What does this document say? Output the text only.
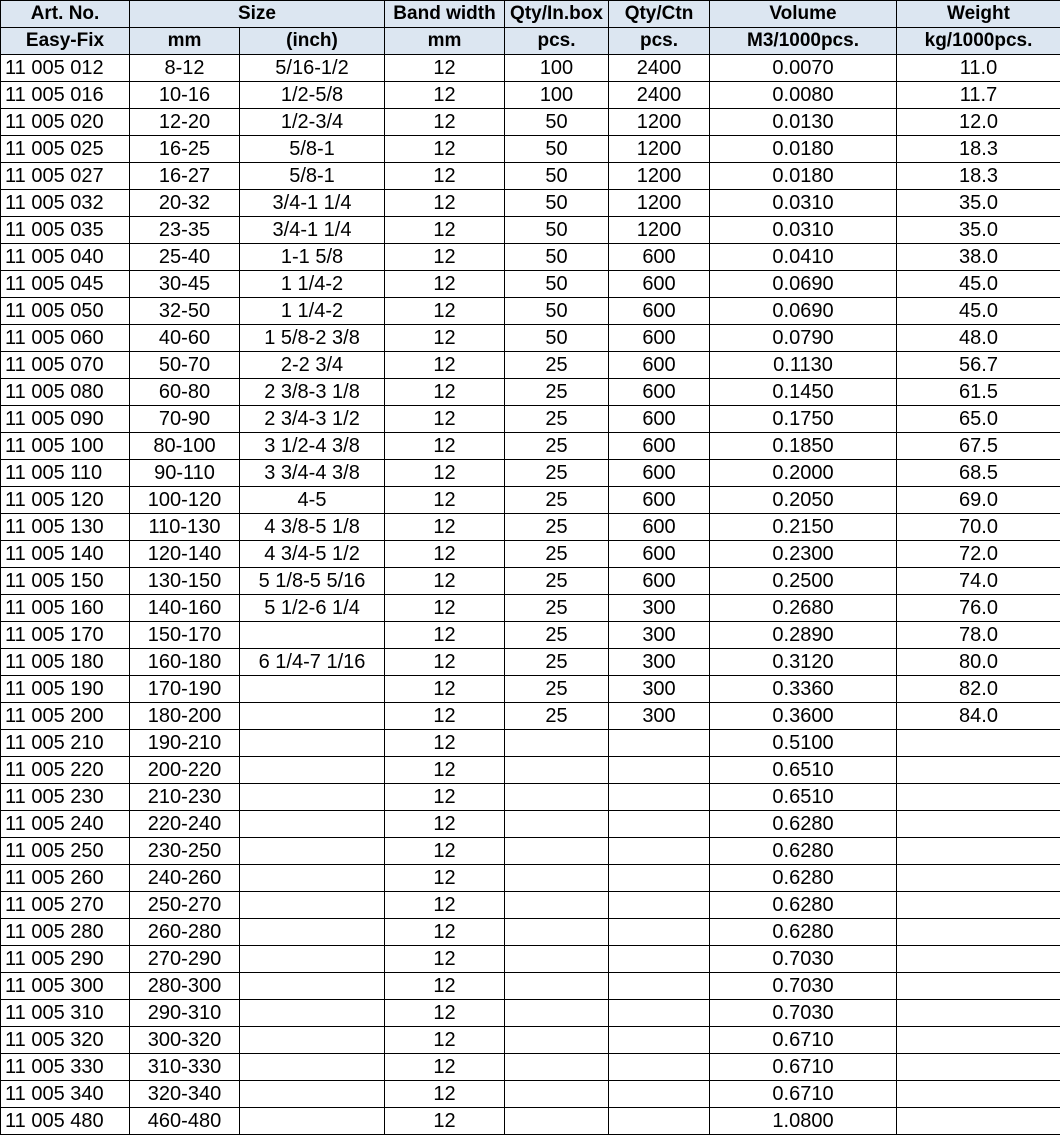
Art. No.	Size		Band width	Qty/In.box	Qty/Ctn	Volume	Weight
Easy-Fix	mm	(inch)	mm	pcs.	pcs.	M3/1000pcs.	kg/1000pcs.
11 005 012	8-12	5/16-1/2	12	100	2400	0.0070	11.0
11 005 016	10-16	1/2-5/8	12	100	2400	0.0080	11.7
11 005 020	12-20	1/2-3/4	12	50	1200	0.0130	12.0
11 005 025	16-25	5/8-1	12	50	1200	0.0180	18.3
11 005 027	16-27	5/8-1	12	50	1200	0.0180	18.3
11 005 032	20-32	3/4-1 1/4	12	50	1200	0.0310	35.0
11 005 035	23-35	3/4-1 1/4	12	50	1200	0.0310	35.0
11 005 040	25-40	1-1 5/8	12	50	600	0.0410	38.0
11 005 045	30-45	1 1/4-2	12	50	600	0.0690	45.0
11 005 050	32-50	1 1/4-2	12	50	600	0.0690	45.0
11 005 060	40-60	1 5/8-2 3/8	12	50	600	0.0790	48.0
11 005 070	50-70	2-2 3/4	12	25	600	0.1130	56.7
11 005 080	60-80	2 3/8-3 1/8	12	25	600	0.1450	61.5
11 005 090	70-90	2 3/4-3 1/2	12	25	600	0.1750	65.0
11 005 100	80-100	3 1/2-4 3/8	12	25	600	0.1850	67.5
11 005 110	90-110	3 3/4-4 3/8	12	25	600	0.2000	68.5
11 005 120	100-120	4-5	12	25	600	0.2050	69.0
11 005 130	110-130	4 3/8-5 1/8	12	25	600	0.2150	70.0
11 005 140	120-140	4 3/4-5 1/2	12	25	600	0.2300	72.0
11 005 150	130-150	5 1/8-5 5/16	12	25	600	0.2500	74.0
11 005 160	140-160	5 1/2-6 1/4	12	25	300	0.2680	76.0
11 005 170	150-170		12	25	300	0.2890	78.0
11 005 180	160-180	6 1/4-7 1/16	12	25	300	0.3120	80.0
11 005 190	170-190		12	25	300	0.3360	82.0
11 005 200	180-200		12	25	300	0.3600	84.0
11 005 210	190-210		12			0.5100	
11 005 220	200-220		12			0.6510	
11 005 230	210-230		12			0.6510	
11 005 240	220-240		12			0.6280	
11 005 250	230-250		12			0.6280	
11 005 260	240-260		12			0.6280	
11 005 270	250-270		12			0.6280	
11 005 280	260-280		12			0.6280	
11 005 290	270-290		12			0.7030	
11 005 300	280-300		12			0.7030	
11 005 310	290-310		12			0.7030	
11 005 320	300-320		12			0.6710	
11 005 330	310-330		12			0.6710	
11 005 340	320-340		12			0.6710	
11 005 480	460-480		12			1.0800	
